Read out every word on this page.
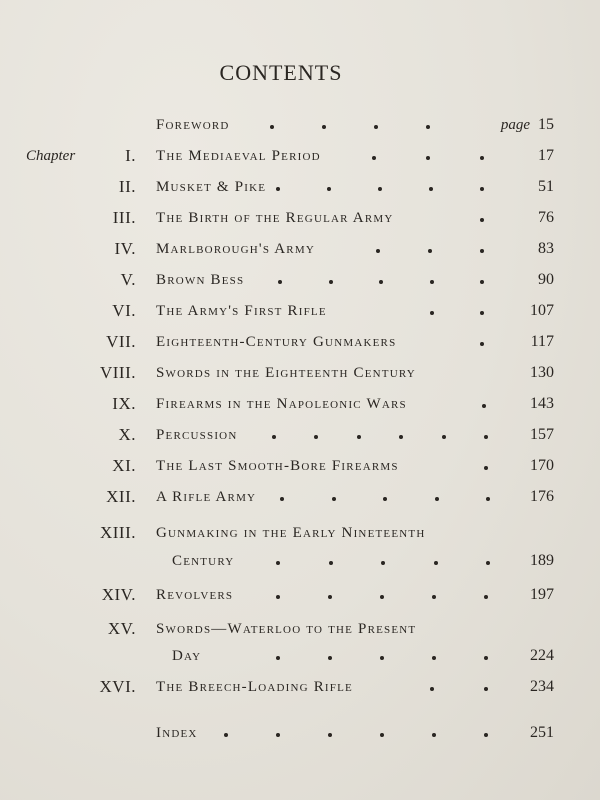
CONTENTS
Foreword	page 15
Chapter	I. The Mediaeval Period	17
II. Musket & Pike	51
III. The Birth of the Regular Army	76
IV. Marlborough's Army	83
V. Brown Bess	90
VI. The Army's First Rifle	107
VII. Eighteenth-Century Gunmakers	117
VIII. Swords in the Eighteenth Century	130
IX. Firearms in the Napoleonic Wars	143
X. Percussion	157
XI. The Last Smooth-Bore Firearms	170
XII. A Rifle Army	176
XIII. Gunmaking in the Early Nineteenth
Century	189
XIV. Revolvers	197
XV. Swords—Waterloo to the Present
Day	224
XVI. The Breech-Loading Rifle	234
Index	251
